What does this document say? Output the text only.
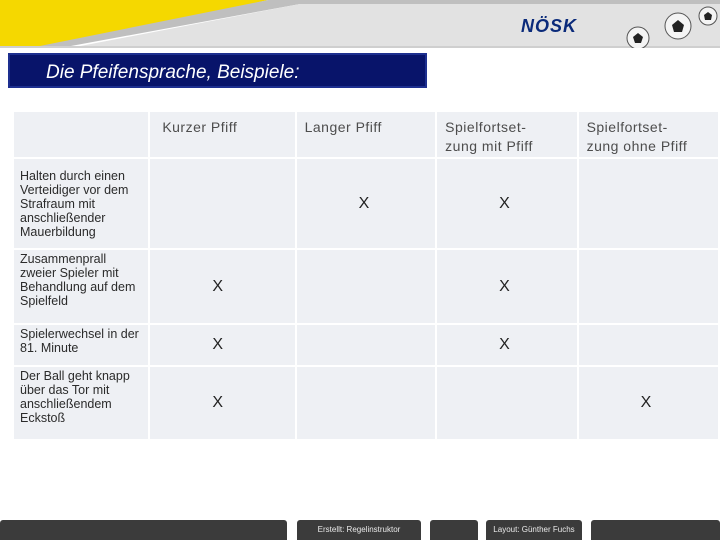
NÖSK
Die Pfeifensprache, Beispiele:
	Kurzer Pfiff	Langer Pfiff	Spielfortset-
zung mit Pfiff	Spielfortset-
zung ohne Pfiff
Halten durch einen Verteidiger vor dem Strafraum mit anschließender Mauerbildung		X	X	
Zusammenprall zweier Spieler mit Behandlung auf dem Spielfeld	X		X	
Spielerwechsel in der 81. Minute	X		X	
Der Ball geht knapp über das Tor mit anschließendem Eckstoß	X			X
Erstellt: Regelinstruktor	Layout: Günther Fuchs
